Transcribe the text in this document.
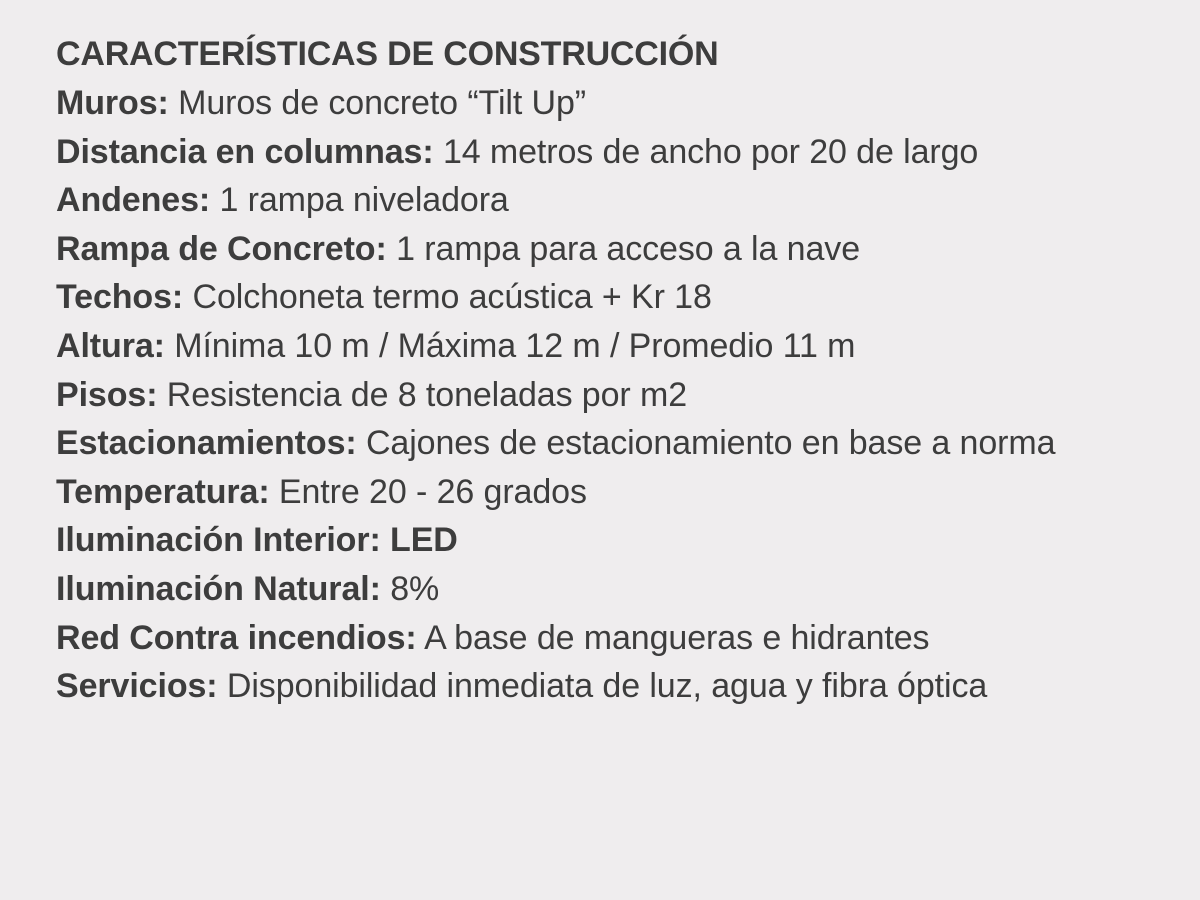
CARACTERÍSTICAS DE CONSTRUCCIÓN
Muros: Muros de concreto “Tilt Up”
Distancia en columnas: 14 metros de ancho por 20 de largo
Andenes: 1 rampa niveladora
Rampa de Concreto: 1 rampa para acceso a la nave
Techos: Colchoneta termo acústica + Kr 18
Altura: Mínima 10 m / Máxima 12 m / Promedio 11 m
Pisos: Resistencia de 8 toneladas por m2
Estacionamientos: Cajones de estacionamiento en base a norma
Temperatura: Entre 20 - 26 grados
Iluminación Interior: LED
Iluminación Natural: 8%
Red Contra incendios: A base de mangueras e hidrantes
Servicios: Disponibilidad inmediata de luz, agua y fibra óptica
